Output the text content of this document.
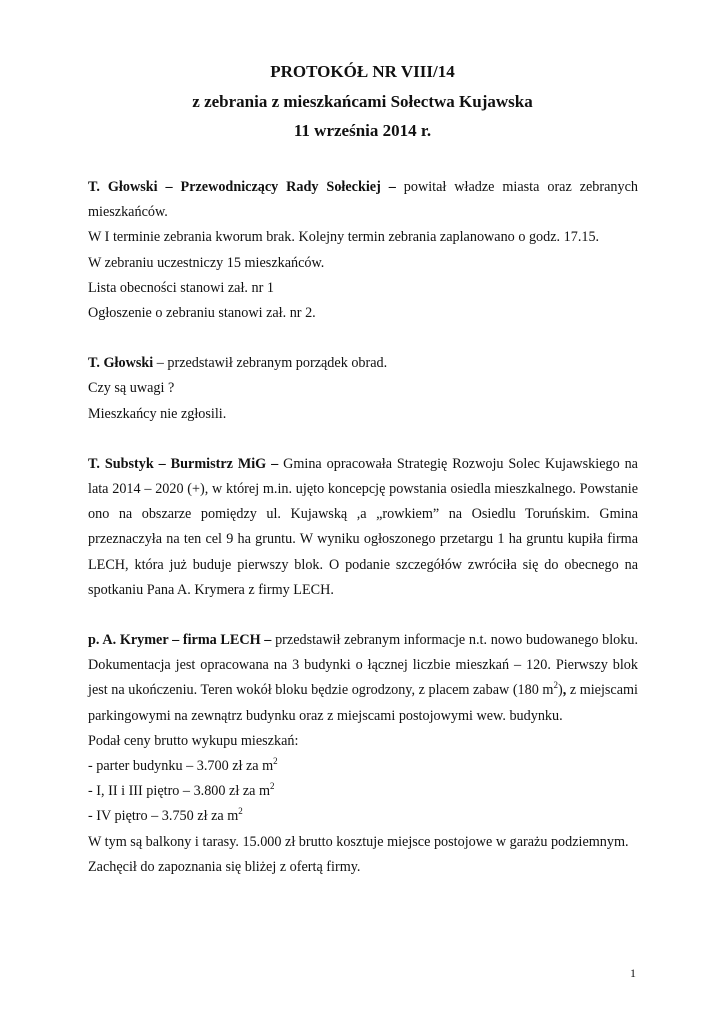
PROTOKÓŁ NR VIII/14
z zebrania z mieszkańcami Sołectwa Kujawska
11 września 2014 r.

T. Głowski – Przewodniczący Rady Sołeckiej – powitał władze miasta oraz zebranych mieszkańców.

W I terminie zebrania kworum brak. Kolejny termin zebrania zaplanowano o godz. 17.15.

W zebraniu uczestniczy 15 mieszkańców.

Lista obecności stanowi zał. nr 1

Ogłoszenie o zebraniu stanowi zał. nr 2.

T. Głowski – przedstawił zebranym porządek obrad.

Czy są uwagi ?

Mieszkańcy nie zgłosili.

T. Substyk – Burmistrz MiG – Gmina opracowała Strategię Rozwoju Solec Kujawskiego na lata 2014 – 2020 (+), w której m.in. ujęto koncepcję powstania osiedla mieszkalnego. Powstanie ono na obszarze pomiędzy ul. Kujawską ,a „rowkiem” na Osiedlu Toruńskim. Gmina przeznaczyła na ten cel 9 ha gruntu. W wyniku ogłoszonego przetargu 1 ha gruntu kupiła firma LECH, która już buduje pierwszy blok. O podanie szczegółów zwróciła się do obecnego na spotkaniu Pana A. Krymera z firmy LECH.

p. A. Krymer – firma LECH – przedstawił zebranym informacje n.t. nowo budowanego bloku. Dokumentacja jest opracowana na 3 budynki o łącznej liczbie mieszkań – 120. Pierwszy blok jest na ukończeniu. Teren wokół bloku będzie ogrodzony, z placem zabaw (180 $m^2$), z miejscami parkingowymi na zewnątrz budynku oraz z miejscami postojowymi wew. budynku.

Podał ceny brutto wykupu mieszkań:

- parter budynku – 3.700 zł za $m^2$

- I, II i III piętro – 3.800 zł za $m^2$

- IV piętro – 3.750 zł za $m^2$

W tym są balkony i tarasy. 15.000 zł brutto kosztuje miejsce postojowe w garażu podziemnym.

Zachęcił do zapoznania się bliżej z ofertą firmy.

1
